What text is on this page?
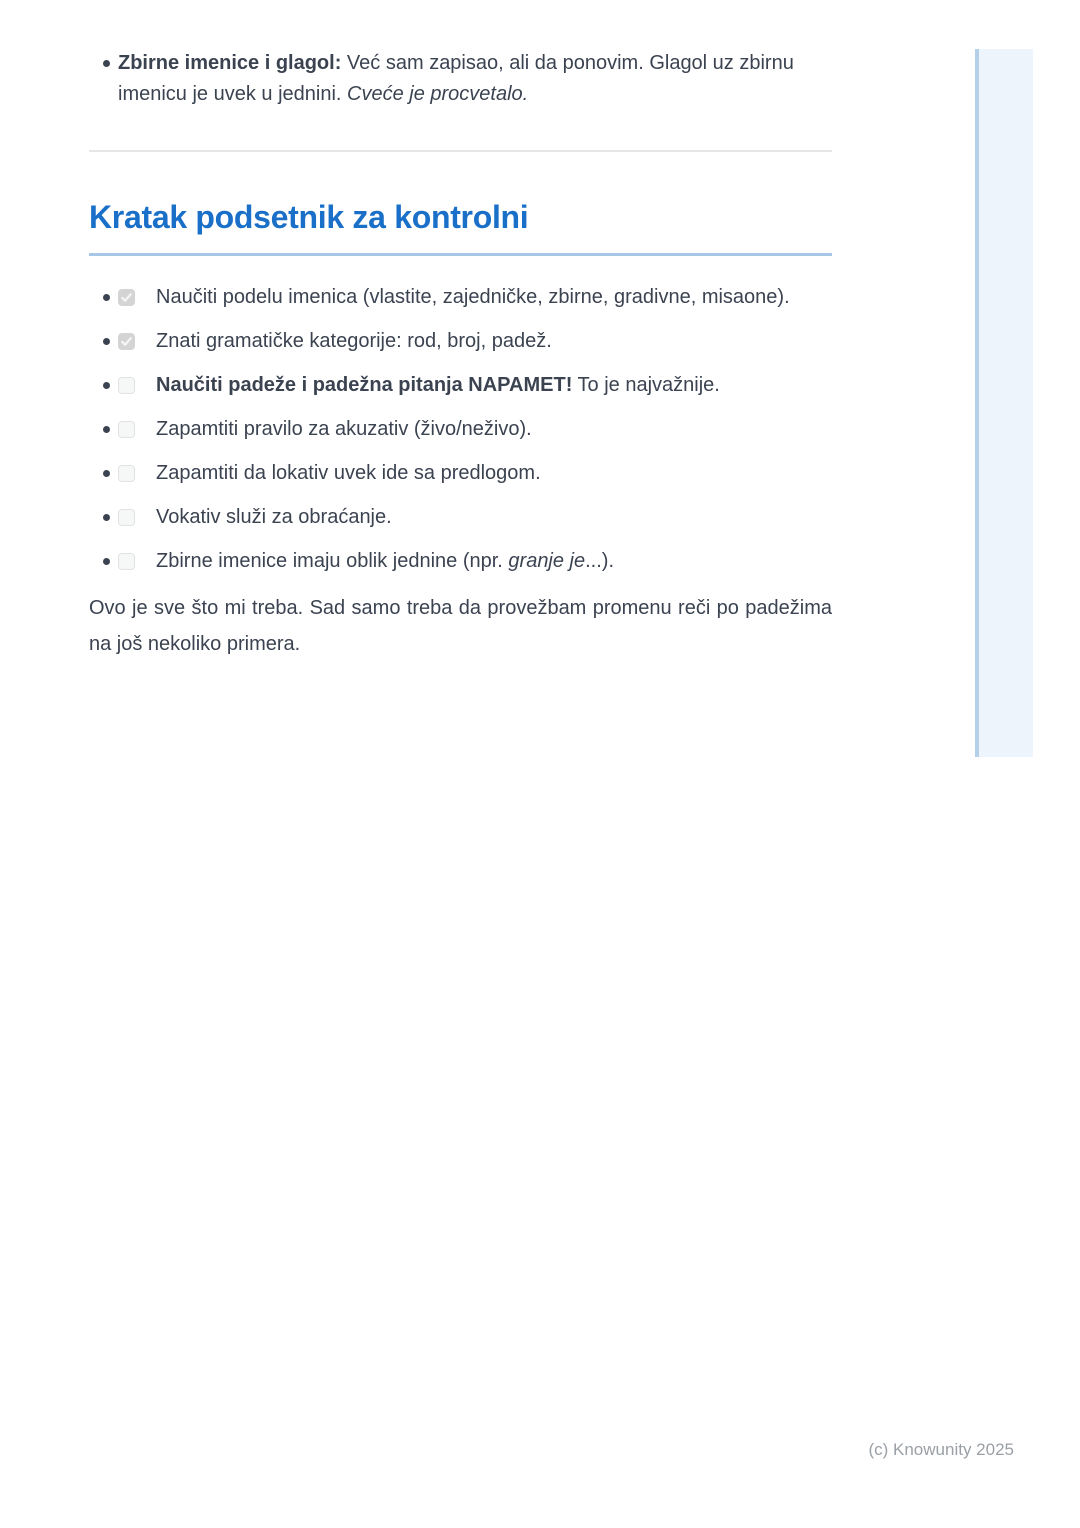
Zbirne imenice i glagol: Već sam zapisao, ali da ponovim. Glagol uz zbirnu imenicu je uvek u jednini. Cveće je procvetalo.
Kratak podsetnik za kontrolni
Naučiti podelu imenica (vlastite, zajedničke, zbirne, gradivne, misaone).
Znati gramatičke kategorije: rod, broj, padež.
Naučiti padeže i padežna pitanja NAPAMET! To je najvažnije.
Zapamtiti pravilo za akuzativ (živo/neživo).
Zapamtiti da lokativ uvek ide sa predlogom.
Vokativ služi za obraćanje.
Zbirne imenice imaju oblik jednine (npr. granje je...).

Ovo je sve što mi treba. Sad samo treba da provežbam promenu reči po padežima na još nekoliko primera.

(c) Knowunity 2025
